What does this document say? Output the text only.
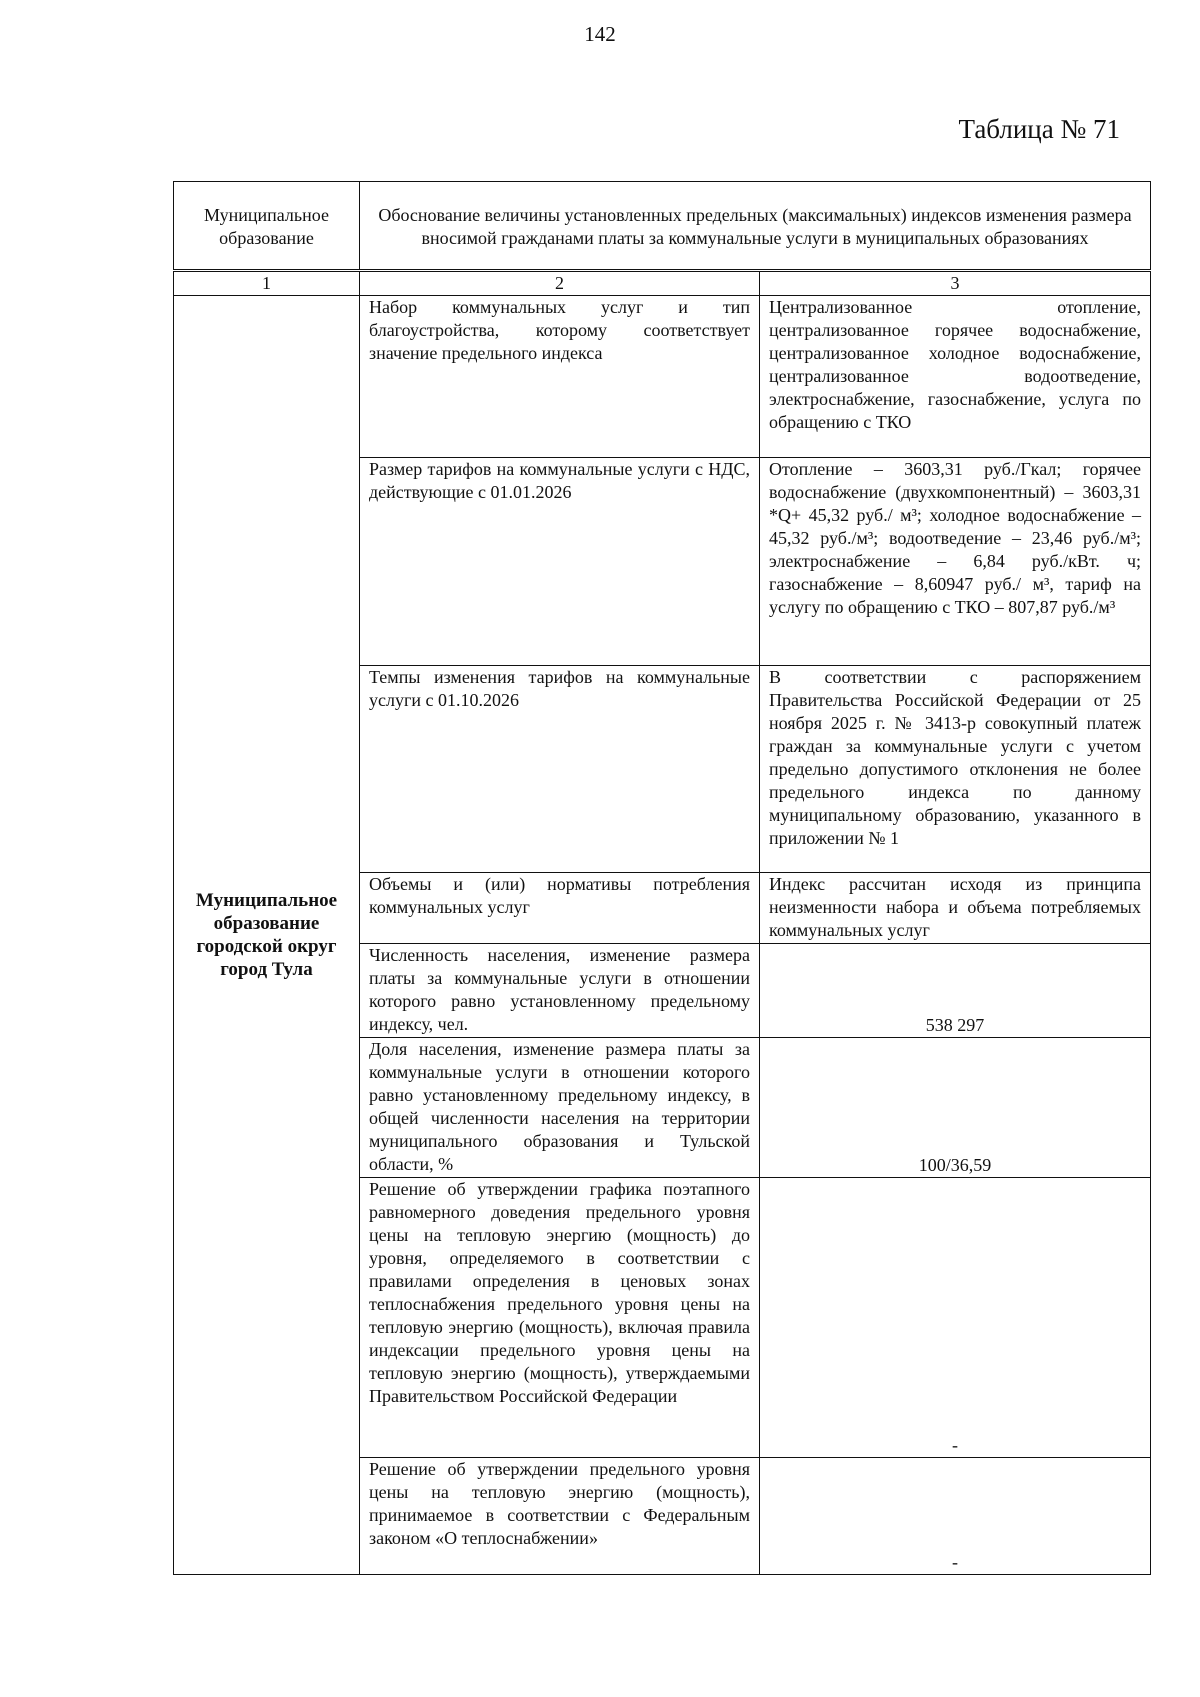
142
Таблица № 71
Муниципальное образование	Обоснование величины установленных предельных (максимальных) индексов изменения размера вносимой гражданами платы за коммунальные услуги в муниципальных образованиях
1	2	3
Муниципальное образование городской округ город Тула	Набор коммунальных услуг и тип благоустройства, которому соответствует значение предельного индекса	Централизованное отопление, централизованное горячее водоснабжение, централизованное холодное водоснабжение, централизованное водоотведение, электроснабжение, газоснабжение, услуга по обращению с ТКО
	Размер тарифов на коммунальные услуги с НДС, действующие с 01.01.2026	Отопление – 3603,31 руб./Гкал; горячее водоснабжение (двухкомпонентный) – 3603,31 *Q+ 45,32 руб./ м³; холодное водоснабжение – 45,32 руб./м³; водоотведение – 23,46 руб./м³; электроснабжение – 6,84 руб./кВт. ч; газоснабжение – 8,60947 руб./ м³, тариф на услугу по обращению с ТКО – 807,87 руб./м³
	Темпы изменения тарифов на коммунальные услуги с 01.10.2026	В соответствии с распоряжением Правительства Российской Федерации от 25 ноября 2025 г. № 3413-р совокупный платеж граждан за коммунальные услуги с учетом предельно допустимого отклонения не более предельного индекса по данному муниципальному образованию, указанного в приложении № 1
	Объемы и (или) нормативы потребления коммунальных услуг	Индекс рассчитан исходя из принципа неизменности набора и объема потребляемых коммунальных услуг
	Численность населения, изменение размера платы за коммунальные услуги в отношении которого равно установленному предельному индексу, чел.	538 297
	Доля населения, изменение размера платы за коммунальные услуги в отношении которого равно установленному предельному индексу, в общей численности населения на территории муниципального образования и Тульской области, %	100/36,59
	Решение об утверждении графика поэтапного равномерного доведения предельного уровня цены на тепловую энергию (мощность) до уровня, определяемого в соответствии с правилами определения в ценовых зонах теплоснабжения предельного уровня цены на тепловую энергию (мощность), включая правила индексации предельного уровня цены на тепловую энергию (мощность), утверждаемыми Правительством Российской Федерации	-
	Решение об утверждении предельного уровня цены на тепловую энергию (мощность), принимаемое в соответствии с Федеральным законом «О теплоснабжении»	-
